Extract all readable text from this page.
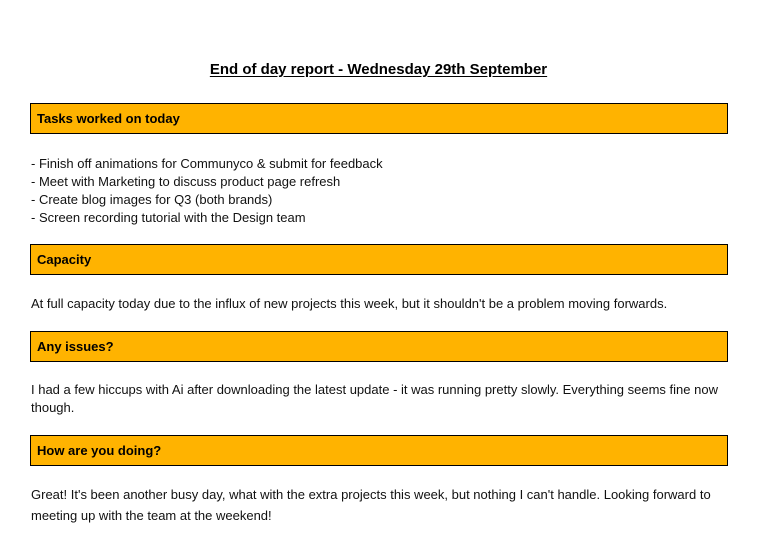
End of day report - Wednesday 29th September
Tasks worked on today
- Finish off animations for Communyco & submit for feedback
- Meet with Marketing to discuss product page refresh
- Create blog images for Q3 (both brands)
- Screen recording tutorial with the Design team
Capacity
At full capacity today due to the influx of new projects this week, but it shouldn't be a problem moving forwards.
Any issues?
I had a few hiccups with Ai after downloading the latest update - it was running pretty slowly. Everything seems fine now though.
How are you doing?
Great! It's been another busy day, what with the extra projects this week, but nothing I can't handle. Looking forward to meeting up with the team at the weekend!
